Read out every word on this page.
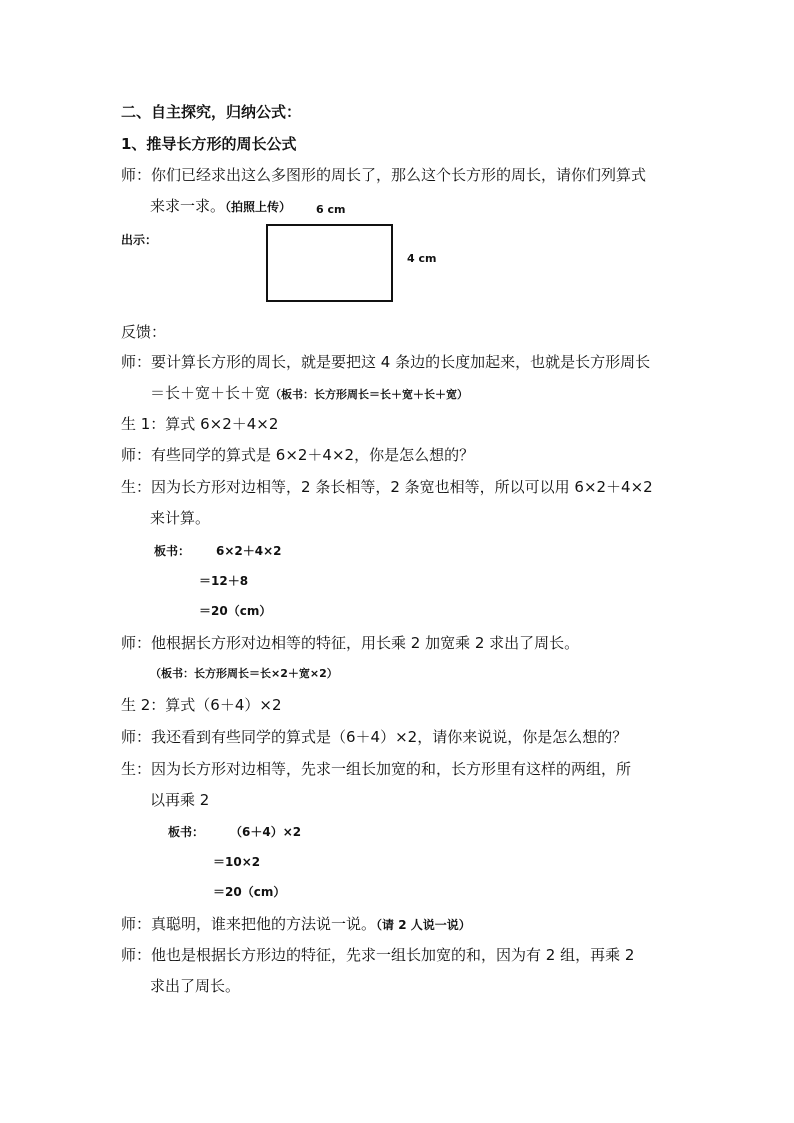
二、自主探究，归纳公式：
1、推导长方形的周长公式
师：你们已经求出这么多图形的周长了，那么这个长方形的周长，请你们列算式
来求一求。（拍照上传） 6 cm
出示：
4 cm
反馈：
师：要计算长方形的周长，就是要把这 4 条边的长度加起来，也就是长方形周长
＝长＋宽＋长＋宽（板书：长方形周长＝长＋宽＋长＋宽）
生 1：算式 6×2＋4×2
师：有些同学的算式是 6×2＋4×2，你是怎么想的？
生：因为长方形对边相等，2 条长相等，2 条宽也相等，所以可以用 6×2＋4×2
来计算。
板书： 6×2＋4×2
＝12＋8
＝20（cm）
师：他根据长方形对边相等的特征，用长乘 2 加宽乘 2 求出了周长。
（板书：长方形周长＝长×2＋宽×2）
生 2：算式（6＋4）×2
师：我还看到有些同学的算式是（6＋4）×2，请你来说说，你是怎么想的？
生：因为长方形对边相等，先求一组长加宽的和，长方形里有这样的两组，所
以再乘 2
板书： （6＋4）×2
＝10×2
＝20（cm）
师：真聪明，谁来把他的方法说一说。（请 2 人说一说）
师：他也是根据长方形边的特征，先求一组长加宽的和，因为有 2 组，再乘 2
求出了周长。
